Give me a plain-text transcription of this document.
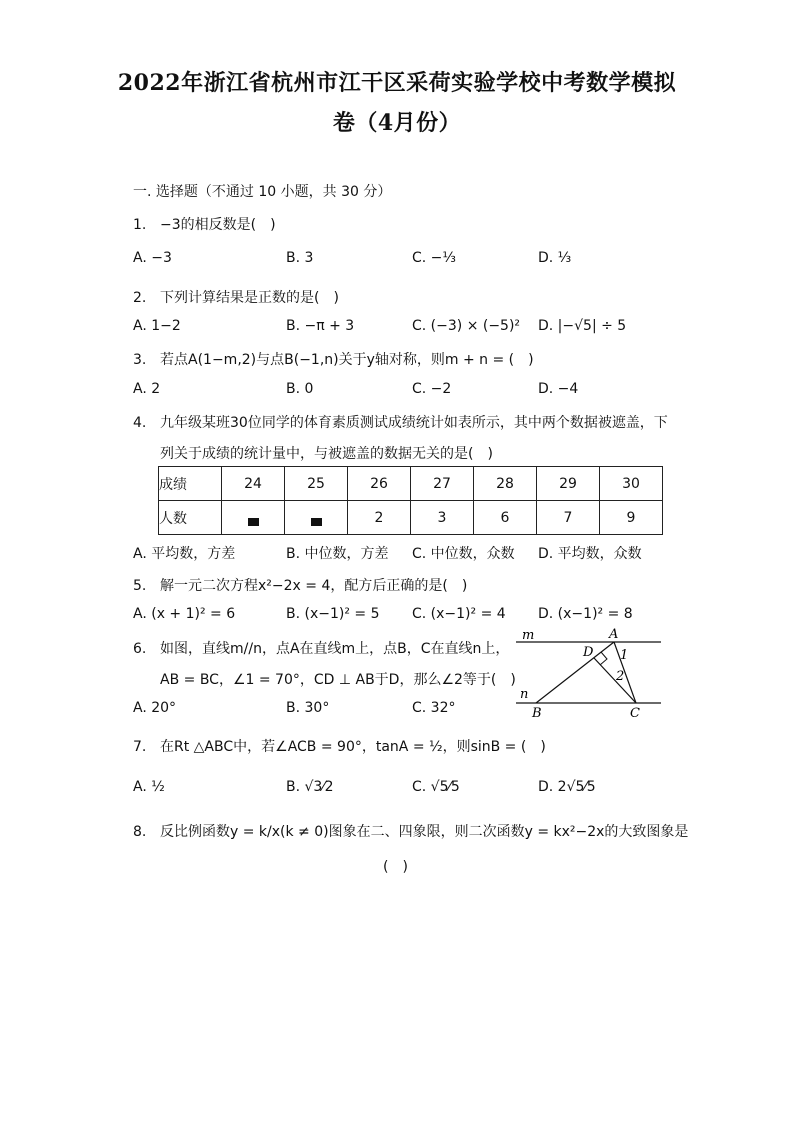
2022年浙江省杭州市江干区采荷实验学校中考数学模拟
卷（4月份）
一. 选择题（不通过 10 小题，共 30 分）
1. −3的相反数是(　)
A. −3	B. 3	C. −⅓	D. ⅓
2. 下列计算结果是正数的是(　)
A. 1−2	B. −π + 3	C. (−3) × (−5)² D. |−√5| ÷ 5
3. 若点A(1−m,2)与点B(−1,n)关于y轴对称，则m + n = (　)
A. 2	B. 0	C. −2	D. −4
4. 九年级某班30位同学的体育素质测试成绩统计如表所示，其中两个数据被遮盖，下
列关于成绩的统计量中，与被遮盖的数据无关的是(　)
成绩	24	25	26	27	28	29	30
人数			2	3	6	7	9
A. 平均数，方差	B. 中位数，方差 C. 中位数，众数 D. 平均数，众数
5. 解一元二次方程x²−2x = 4，配方后正确的是(　)
A. (x + 1)² = 6	B. (x−1)² = 5 C. (x−1)² = 4 D. (x−1)² = 8
6. 如图，直线m//n，点A在直线m上，点B，C在直线n上，
AB = BC，∠1 = 70°，CD ⊥ AB于D，那么∠2等于(　)
A. 20°	B. 30°	C. 32°
m
n
A
B	C
D 1
2
7. 在Rt △ABC中，若∠ACB = 90°，tanA = ½，则sinB = (　)
A. ½	B. √3⁄2	C. √5⁄5	D. 2√5⁄5
8. 反比例函数y = k/x(k ≠ 0)图象在二、四象限，则二次函数y = kx²−2x的大致图象是
(　)
